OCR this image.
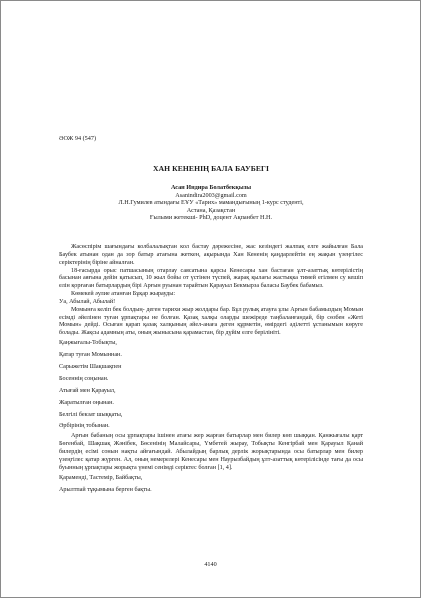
ӘОЖ 94 (547)

ХАН КЕНЕНІҢ БАЛА БАУБЕГІ
Асан Индира Болатбекқызы
Asanindira2003@gmail.com
Л.Н.Гумилев атындағы ЕҰУ «Тарих» мамандығының 1-курс студенті,
Астана, Қазақстан
Ғылыми жетекші- PhD, доцент Ақпанбет Н.Н.

Жасөспірім шағындағы колбалалықтан кол бастау дәрежесіне, жас кезіндегі жалпақ елге жайылған Бала Баубек атынан одан да зор батыр атағына жеткен, ақырында Хан Кененің қаңдарлейтін ең жақын үзеңгілес серіктерінің біріне айналған.

18-ғасырда орыс патшасының отарлау саясатына қарсы Кенесары хан бастаған ұлт-азаттық көтерілістің басынан аяғына дейін қатысып, 10 жыл бойы от үстінен түспей, жарақ қылағы жастықка тимей егілмен су кешіп елін қорғаған батырлардың бірі Арғын руынан тарайтын Қарауыл Бекмырза баласы Баубек бабамыз.

Көмекей әулие атанған Бұқар жырауды:

Уа, Абылай, Абылай!

Момынға келіп бек болдың- деген тарихи жыр жолдары бар. Бұл рулық атауға ұлы Арғын бабамыздың Момын есімді әйелінен туған ұрпақтары не болған. Қазақ халқы оларды шежіреде таңбаланғандай, бір сөзбен «Жеті Момын» дейді. Осыған қарап қазақ халқының әйел-анаға деген құрметін, өмірдегі әділетті ұстанымын көруге болады. Жақсы адамның аты, оның жынысына қарамастан, бір дүйім елге берілініті.

Қаңжығалы-Тобықты,

Қатар туған Момыннан.

Сарыжетім Шақшақпен

Босеннің соңынан.

Атығай мен Қарауыл,

Жаратылған оңынан.

Белгілі бекзат шыққаты,

Әрбірінің тобынан.

Арғын бабаның осы ұрпақтары ішінен атағы жер жарған батырлар мен билер көп шыққан. Қанжығалы қарт Бөгенбай, Шақшақ Жәнібек, Бөсенінің Малайсары, Үмбетей жырау, Тобықты Кенгірбай мен Қарауыл Қанай билердің есімі сонын нақты айғағындай. Абылайдың барлық дерлік жорықтарында осы батырлар мен билер үзеңгілес қатар жүрген. Ал, оның немерелері Кенесары мен Наурызбайдың ұлт-азаттық көтерілісінде тағы да осы буынның ұрпақтары жорықта үнемі сенімді серіктес болған [1, 4].

Қараменді, Тастемір, Байбақты,

Арылтпай тұқымына берген бақты.

4140
